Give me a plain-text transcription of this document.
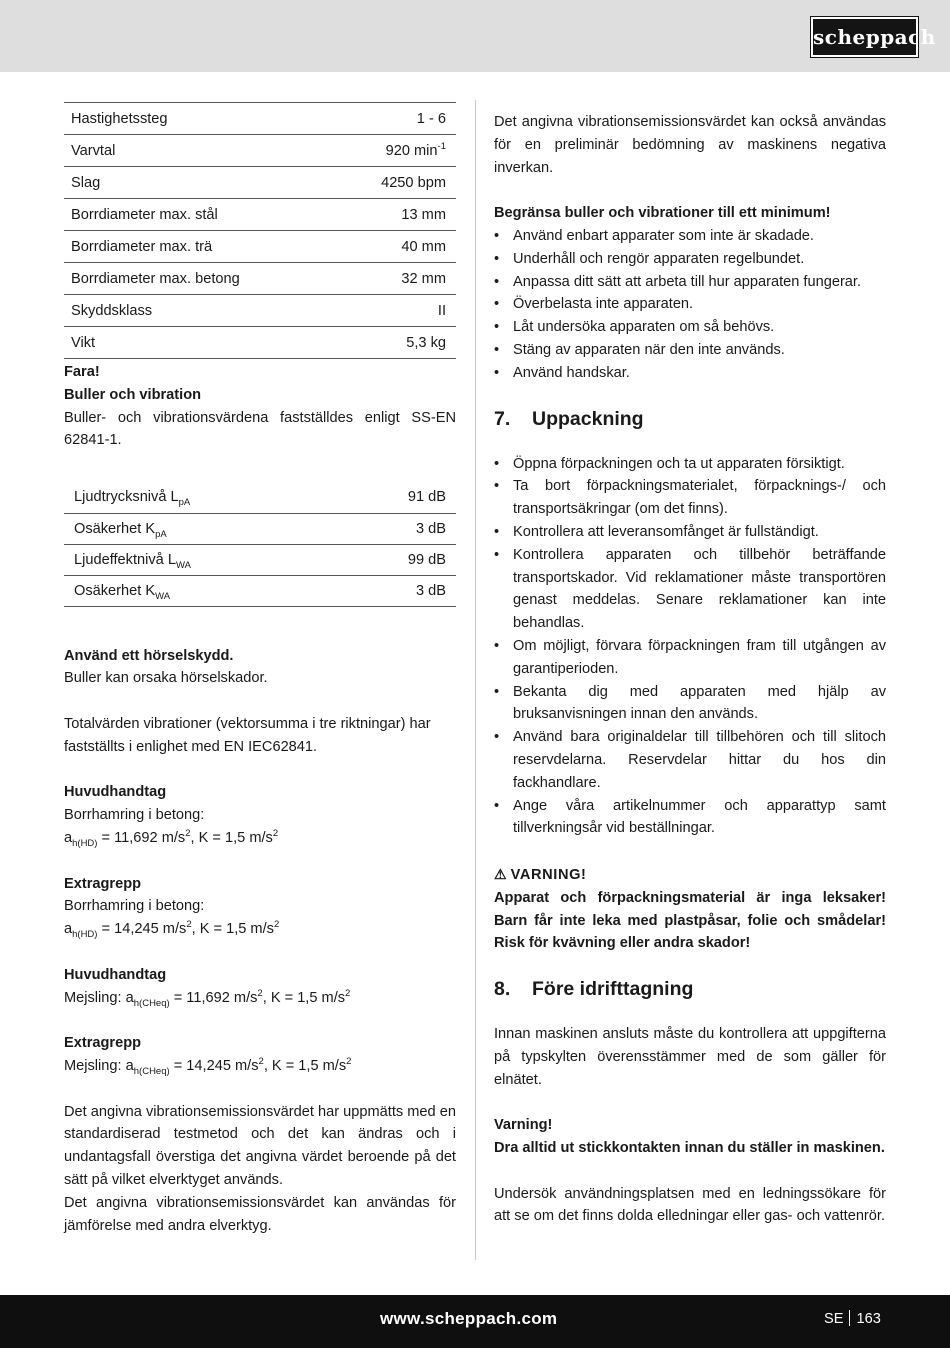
scheppach
Hastighetssteg	1 - 6
Varvtal	920 $\min^{-1}$
Slag	4250 bpm
Borrdiameter max. stål	13 mm
Borrdiameter max. trä	40 mm
Borrdiameter max. betong	32 mm
Skyddsklass	II
Vikt	5,3 kg

Fara!

Buller och vibration

Buller- och vibrationsvärdena fastställdes enligt SS-EN 62841-1.

Ljudtrycksnivå $L_{pA}$	91 dB
Osäkerhet $K_{pA}$	3 dB
Ljudeffektnivå $L_{WA}$	99 dB
Osäkerhet $K_{WA}$	3 dB

Använd ett hörselskydd.

Buller kan orsaka hörselskador.

Totalvärden vibrationer (vektorsumma i tre riktningar) har fastställts i enlighet med EN IEC62841.

Huvudhandtag

Borrhamring i betong:

$a_{h(HD)} = 11,692$ $m/s^2$, K = 1,5 $m/s^2$

Extragrepp

Borrhamring i betong:

$a_{h(HD)} = 14,245$ $m/s^2$, K = 1,5 $m/s^2$

Huvudhandtag

Mejsling: $a_{h(CHeq)} = 11,692$ $m/s^2$, K = 1,5 $m/s^2$

Extragrepp

Mejsling: $a_{h(CHeq)} = 14,245$ $m/s^2$, K = 1,5 $m/s^2$

Det angivna vibrationsemissionsvärdet har uppmätts med en standardiserad testmetod och det kan ändras och i undantagsfall överstiga det angivna värdet beroende på det sätt på vilket elverktyget används.

Det angivna vibrationsemissionsvärdet kan användas för jämförelse med andra elverktyg.

Det angivna vibrationsemissionsvärdet kan också användas för en preliminär bedömning av maskinens negativa inverkan.

Begränsa buller och vibrationer till ett minimum!

• Använd enbart apparater som inte är skadade.
• Underhåll och rengör apparaten regelbundet.
• Anpassa ditt sätt att arbeta till hur apparaten fungerar.
• Överbelasta inte apparaten.
• Låt undersöka apparaten om så behövs.
• Stäng av apparaten när den inte används.
• Använd handskar.
7. Uppackning
• Öppna förpackningen och ta ut apparaten försiktigt.
• Ta bort förpackningsmaterialet, förpacknings-/ och transportsäkringar (om det finns).
• Kontrollera att leveransomfånget är fullständigt.
• Kontrollera apparaten och tillbehör beträffande transportskador. Vid reklamationer måste transportören genast meddelas. Senare reklamationer kan inte behandlas.
• Om möjligt, förvara förpackningen fram till utgången av garantiperioden.
• Bekanta dig med apparaten med hjälp av bruksanvisningen innan den används.
• Använd bara originaldelar till tillbehören och till slitoch reservdelarna. Reservdelar hittar du hos din fackhandlare.
• Ange våra artikelnummer och apparattyp samt tillverkningsår vid beställningar.

⚠ VARNING!

Apparat och förpackningsmaterial är inga leksaker! Barn får inte leka med plastpåsar, folie och smådelar! Risk för kvävning eller andra skador!

8. Före idrifttagning

Innan maskinen ansluts måste du kontrollera att uppgifterna på typskylten överensstämmer med de som gäller för elnätet.

Varning!

Dra alltid ut stickkontakten innan du ställer in maskinen.

Undersök användningsplatsen med en ledningssökare för att se om det finns dolda elledningar eller gas- och vattenrör.

www.scheppach.com	SE 163
